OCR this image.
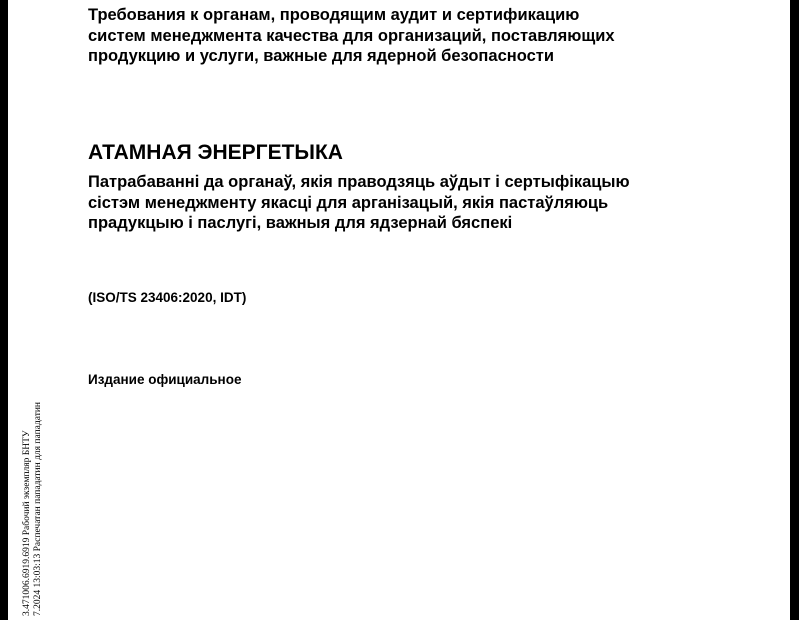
Требования к органам, проводящим аудит и сертификацию
систем менеджмента качества для организаций, поставляющих
продукцию и услуги, важные для ядерной безопасности
АТАМНАЯ ЭНЕРГЕТЫКА
Патрабаванні да органаў, якія праводзяць аўдыт і сертыфікацыю
сістэм менеджменту якасці для арганізацый, якія пастаўляюць
прадукцыю і паслугі, важныя для ядзернай бяспекі
(ISO/TS 23406:2020, IDT)
Издание официальное
3.471006.6919.6919 Рабочий экземпляр БНТУ 7.2024 13:03:13 Распечатан пападатин для пападатин
